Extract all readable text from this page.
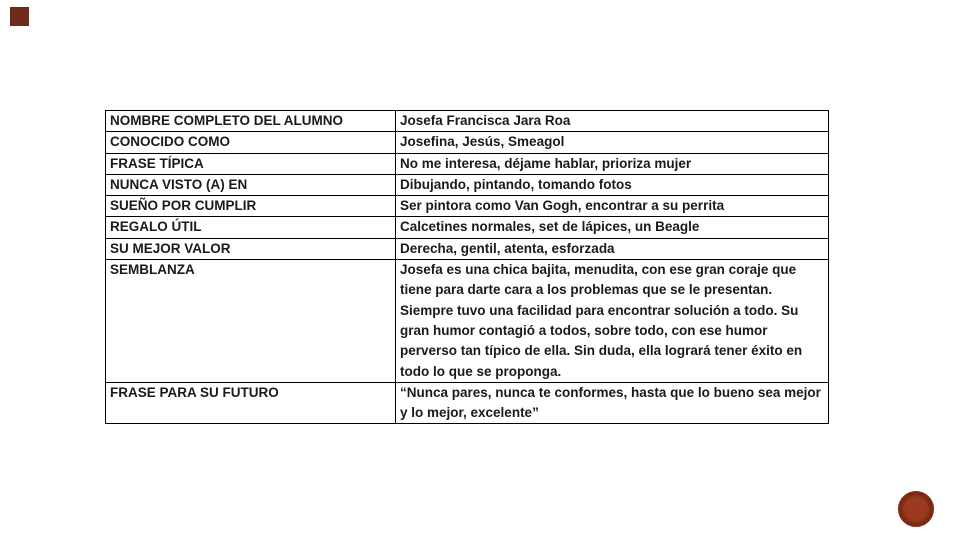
NOMBRE COMPLETO DEL ALUMNO	Josefa Francisca Jara Roa
CONOCIDO COMO	Josefina, Jesús, Smeagol
FRASE TÍPICA	No me interesa, déjame hablar, prioriza mujer
NUNCA VISTO (A) EN	Dibujando, pintando, tomando fotos
SUEÑO POR CUMPLIR	Ser pintora como Van Gogh, encontrar a su perrita
REGALO ÚTIL	Calcetines normales, set de lápices, un Beagle
SU MEJOR VALOR	Derecha, gentil, atenta, esforzada
SEMBLANZA	Josefa es una chica bajita, menudita, con ese gran coraje que tiene para darte cara a los problemas que se le presentan. Siempre tuvo una facilidad para encontrar solución a todo. Su gran humor contagió a todos, sobre todo, con ese humor perverso tan típico de ella. Sin duda, ella logrará tener éxito en todo lo que se proponga.
FRASE PARA SU FUTURO	“Nunca pares, nunca te conformes, hasta que lo bueno sea mejor y lo mejor, excelente”
